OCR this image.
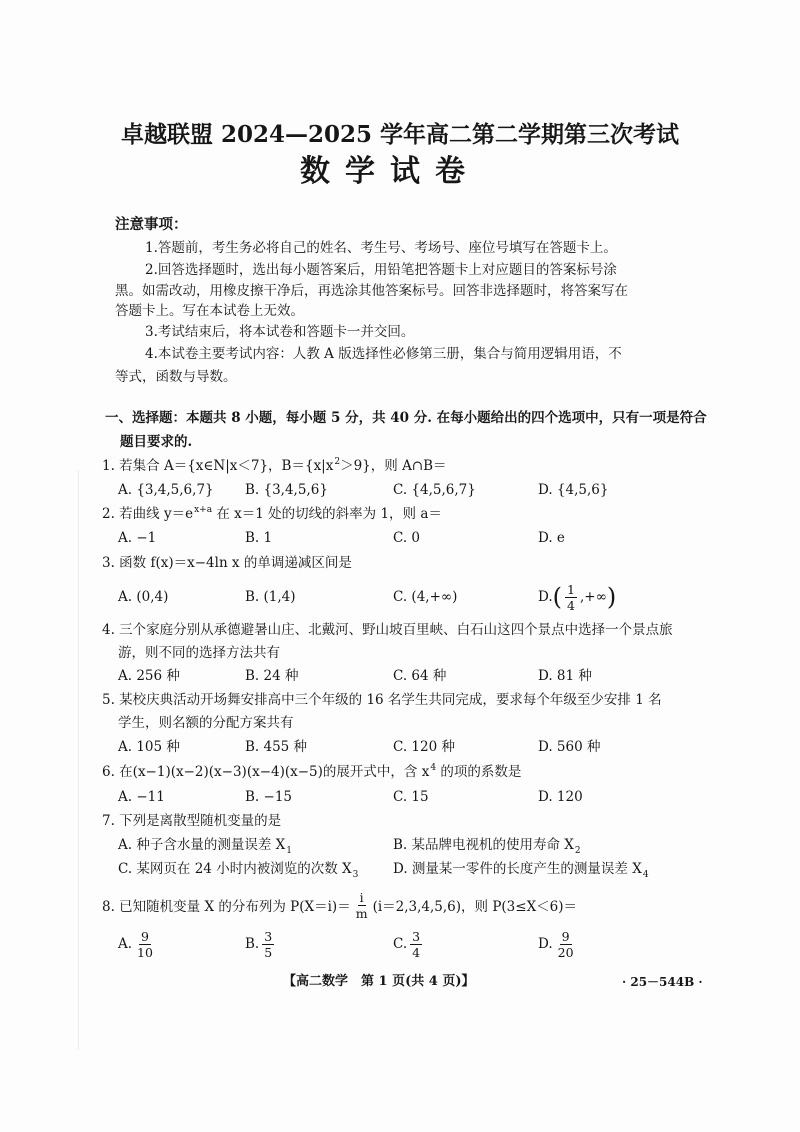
卓越联盟 2024—2025 学年高二第二学期第三次考试
数学试卷
注意事项：
1.答题前，考生务必将自己的姓名、考生号、考场号、座位号填写在答题卡上。
2.回答选择题时，选出每小题答案后，用铅笔把答题卡上对应题目的答案标号涂
黑。如需改动，用橡皮擦干净后，再选涂其他答案标号。回答非选择题时，将答案写在
答题卡上。写在本试卷上无效。
3.考试结束后，将本试卷和答题卡一并交回。
4.本试卷主要考试内容：人教 A 版选择性必修第三册，集合与简用逻辑用语，不
等式，函数与导数。
一、选择题：本题共 8 小题，每小题 5 分，共 40 分. 在每小题给出的四个选项中，只有一项是符合
题目要求的.
1. 若集合 A＝{x∈N|x＜7}，$B=\{x|x^2>9\}$，则 A∩B＝
A. {3,4,5,6,7} B. {3,4,5,6}	C. {4,5,6,7}	D. {4,5,6}
2. 若曲线 $y=e^{x+a}$ 在 x＝1 处的切线的斜率为 1，则 a＝
A. −1	B. 1	C. 0	D. e
3. 函数 f(x)＝x−4ln x 的单调递减区间是
A. (0,4)	B. (1,4)	C. (4,+∞)	D. ( $\frac{1}{4}$ ,+∞ )
4. 三个家庭分别从承德避暑山庄、北戴河、野山坡百里峡、白石山这四个景点中选择一个景点旅
游，则不同的选择方法共有
A. 256 种	B. 24 种	C. 64 种	D. 81 种
5. 某校庆典活动开场舞安排高中三个年级的 16 名学生共同完成，要求每个年级至少安排 1 名
学生，则名额的分配方案共有
A. 105 种	B. 455 种	C. 120 种	D. 560 种
6. 在(x−1)(x−2)(x−3)(x−4)(x−5)的展开式中，含 $x^4$ 的项的系数是
A. −11	B. −15	C. 15	D. 120
7. 下列是离散型随机变量的是
A. 种子含水量的测量误差 $X_1$	B. 某品牌电视机的使用寿命 $X_2$
C. 某网页在 24 小时内被浏览的次数 $X_3$	D. 测量某一零件的长度产生的测量误差 $X_4$
8. 已知随机变量 X 的分布列为 $P(X=i)= \frac{i}{m} (i=2,3,4,5,6)$，则 P(3≤X＜6)＝
A. $\frac{9}{10}$	B. $\frac{3}{5}$	C. $\frac{3}{4}$	D. $\frac{9}{20}$
【高二数学　第 1 页(共 4 页)】	· 25－544B ·
